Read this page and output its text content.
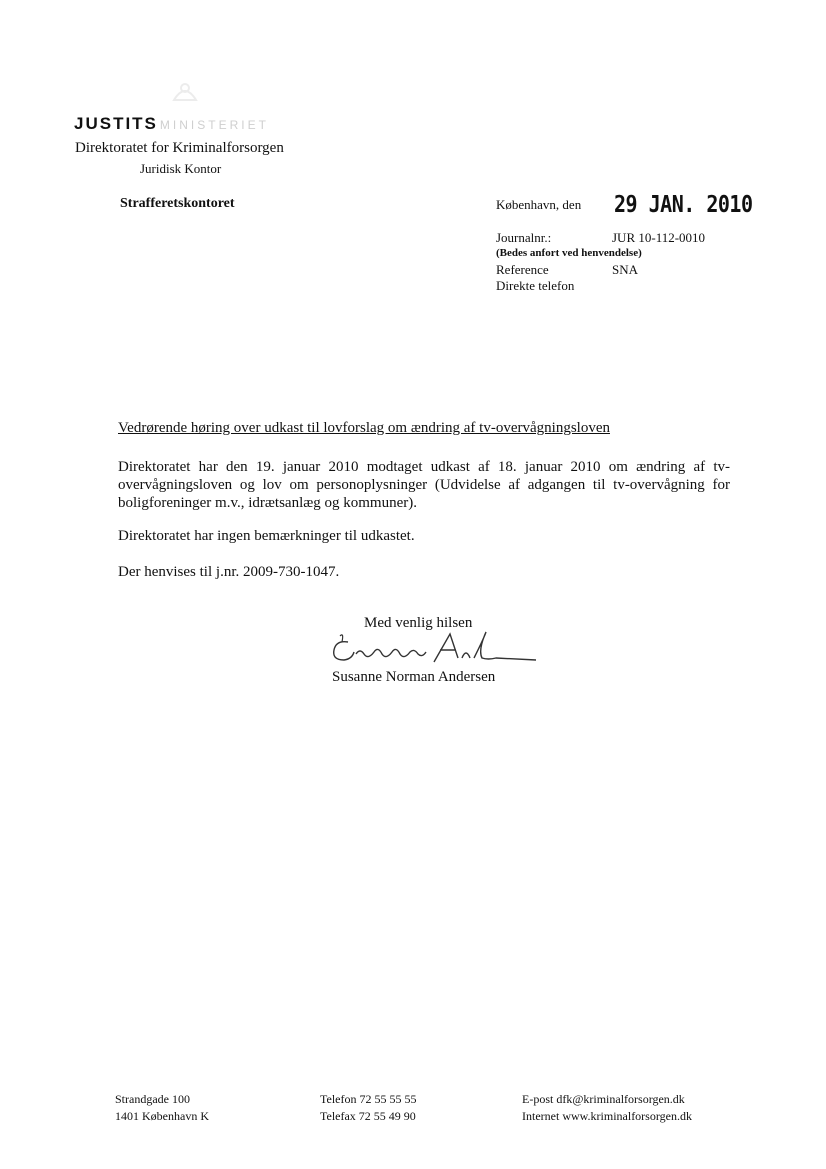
JUSTITS MINISTERIET
Direktoratet for Kriminalforsorgen
Juridisk Kontor
Strafferetskontoret	København, den 29 JAN. 2010
Journalnr.:	JUR 10-112-0010
(Bedes anfort ved henvendelse)
Reference	SNA
Direkte telefon
Vedrørende høring over udkast til lovforslag om ændring af tv-overvågningsloven
Direktoratet har den 19. januar 2010 modtaget udkast af 18. januar 2010 om ændring af tv-overvågningsloven og lov om personoplysninger (Udvidelse af adgangen til tv-overvågning for boligforeninger m.v., idrætsanlæg og kommuner).
Direktoratet har ingen bemærkninger til udkastet.
Der henvises til j.nr. 2009-730-1047.
Med venlig hilsen
Susanne Norman Andersen
Strandgade 100
1401 København K
Telefon 72 55 55 55
Telefax 72 55 49 90
E-post dfk@kriminalforsorgen.dk
Internet www.kriminalforsorgen.dk
